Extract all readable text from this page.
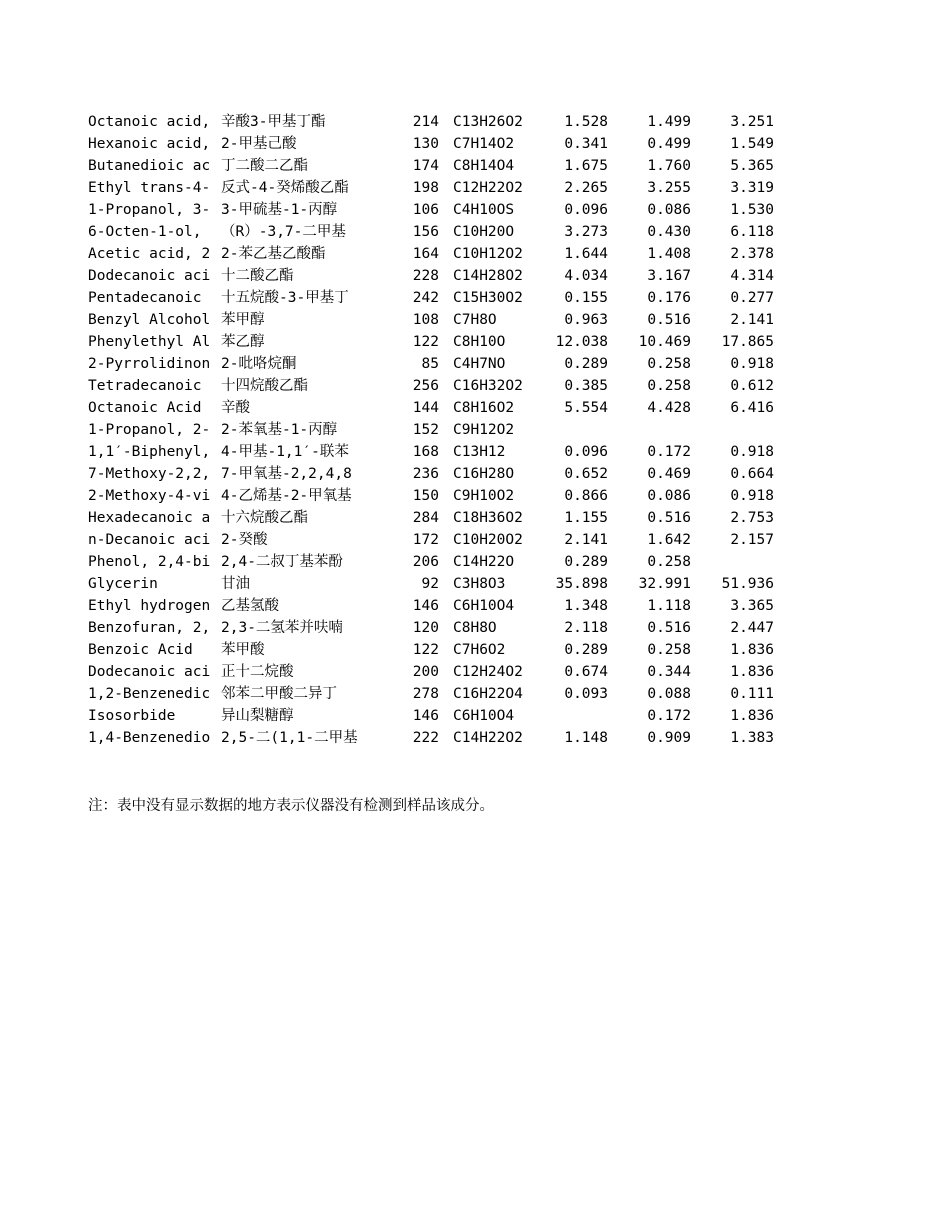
Octanoic acid,	辛酸3-甲基丁酯	214	C13H26O2	1.528	1.499	3.251
Hexanoic acid,	2-甲基己酸	130	C7H14O2	0.341	0.499	1.549
Butanedioic ac	丁二酸二乙酯	174	C8H14O4	1.675	1.760	5.365
Ethyl trans-4-	反式-4-癸烯酸乙酯	198	C12H22O2	2.265	3.255	3.319
1-Propanol, 3-	3-甲硫基-1-丙醇	106	C4H10OS	0.096	0.086	1.530
6-Octen-1-ol,	（R）-3,7-二甲基	156	C10H20O	3.273	0.430	6.118
Acetic acid, 2	2-苯乙基乙酸酯	164	C10H12O2	1.644	1.408	2.378
Dodecanoic aci	十二酸乙酯	228	C14H28O2	4.034	3.167	4.314
Pentadecanoic	十五烷酸-3-甲基丁	242	C15H30O2	0.155	0.176	0.277
Benzyl Alcohol	苯甲醇	108	C7H8O	0.963	0.516	2.141
Phenylethyl Al	苯乙醇	122	C8H10O	12.038	10.469	17.865
2-Pyrrolidinon	2-吡咯烷酮	85	C4H7NO	0.289	0.258	0.918
Tetradecanoic	十四烷酸乙酯	256	C16H32O2	0.385	0.258	0.612
Octanoic Acid	辛酸	144	C8H16O2	5.554	4.428	6.416
1-Propanol, 2-	2-苯氧基-1-丙醇	152	C9H12O2			
1,1′-Biphenyl,	4-甲基-1,1′-联苯	168	C13H12	0.096	0.172	0.918
7-Methoxy-2,2,	7-甲氧基-2,2,4,8	236	C16H28O	0.652	0.469	0.664
2-Methoxy-4-vi	4-乙烯基-2-甲氧基	150	C9H10O2	0.866	0.086	0.918
Hexadecanoic a	十六烷酸乙酯	284	C18H36O2	1.155	0.516	2.753
n-Decanoic aci	2-癸酸	172	C10H20O2	2.141	1.642	2.157
Phenol, 2,4-bi	2,4-二叔丁基苯酚	206	C14H22O	0.289	0.258	
Glycerin	甘油	92	C3H8O3	35.898	32.991	51.936
Ethyl hydrogen	乙基氢酸	146	C6H10O4	1.348	1.118	3.365
Benzofuran, 2,	2,3-二氢苯并呋喃	120	C8H8O	2.118	0.516	2.447
Benzoic Acid	苯甲酸	122	C7H6O2	0.289	0.258	1.836
Dodecanoic aci	正十二烷酸	200	C12H24O2	0.674	0.344	1.836
1,2-Benzenedic	邻苯二甲酸二异丁	278	C16H22O4	0.093	0.088	0.111
Isosorbide	异山梨糖醇	146	C6H10O4		0.172	1.836
1,4-Benzenedio	2,5-二(1,1-二甲基	222	C14H22O2	1.148	0.909	1.383
注：表中没有显示数据的地方表示仪器没有检测到样品该成分。
